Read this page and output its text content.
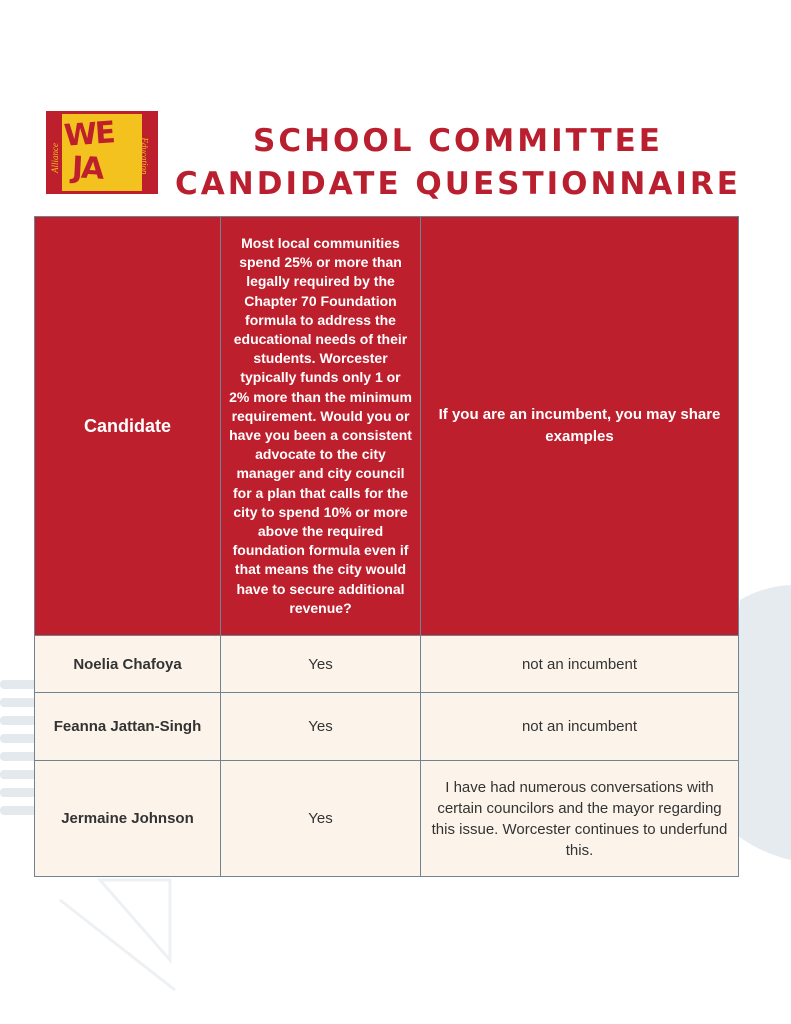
WE
JA
Alliance	Education	SCHOOL COMMITTEE
CANDIDATE QUESTIONNAIRE
Candidate	Most local communities spend 25% or more than legally required by the Chapter 70 Foundation formula to address the educational needs of their students. Worcester typically funds only 1 or 2% more than the minimum requirement. Would you or have you been a consistent advocate to the city manager and city council for a plan that calls for the city to spend 10% or more above the required foundation formula even if that means the city would have to secure additional revenue?	If you are an incumbent, you may share examples
Noelia Chafoya	Yes	not an incumbent
Feanna Jattan-Singh	Yes	not an incumbent
Jermaine Johnson	Yes	I have had numerous conversations with certain councilors and the mayor regarding this issue. Worcester continues to underfund this.
